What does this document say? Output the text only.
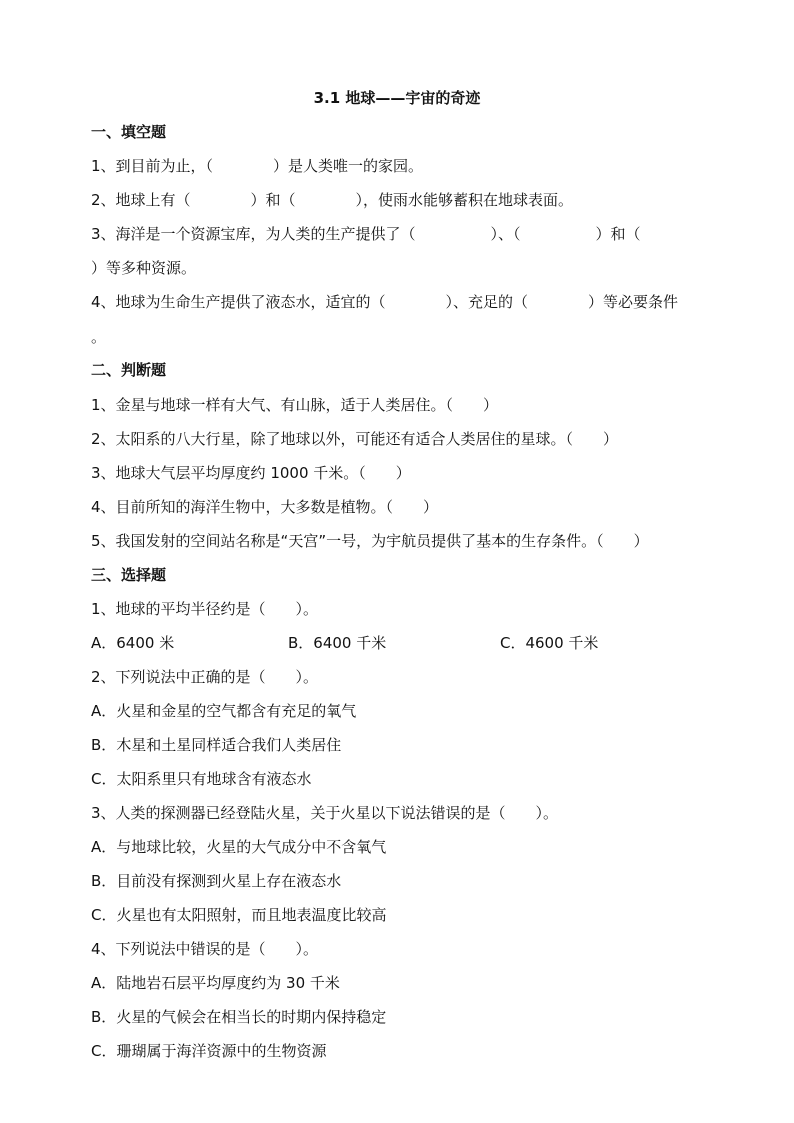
3.1 地球——宇宙的奇迹
一、填空题
1、到目前为止，（　　　　）是人类唯一的家园。
2、地球上有（　　　　）和（　　　　），使雨水能够蓄积在地球表面。
3、海洋是一个资源宝库，为人类的生产提供了（　　　　　）、（　　　　　）和（
）等多种资源。
4、地球为生命生产提供了液态水，适宜的（　　　　）、充足的（　　　　）等必要条件
。
二、判断题
1、金星与地球一样有大气、有山脉，适于人类居住。（　　）
2、太阳系的八大行星，除了地球以外，可能还有适合人类居住的星球。（　　）
3、地球大气层平均厚度约 1000 千米。（　　）
4、目前所知的海洋生物中，大多数是植物。（　　）
5、我国发射的空间站名称是“天宫”一号，为宇航员提供了基本的生存条件。（　　）
三、选择题
1、地球的平均半径约是（　　）。
A．6400 米	B．6400 千米	C．4600 千米
2、下列说法中正确的是（　　）。
A．火星和金星的空气都含有充足的氧气
B．木星和土星同样适合我们人类居住
C．太阳系里只有地球含有液态水
3、人类的探测器已经登陆火星，关于火星以下说法错误的是（　　）。
A．与地球比较，火星的大气成分中不含氧气
B．目前没有探测到火星上存在液态水
C．火星也有太阳照射，而且地表温度比较高
4、下列说法中错误的是（　　）。
A．陆地岩石层平均厚度约为 30 千米
B．火星的气候会在相当长的时期内保持稳定
C．珊瑚属于海洋资源中的生物资源
